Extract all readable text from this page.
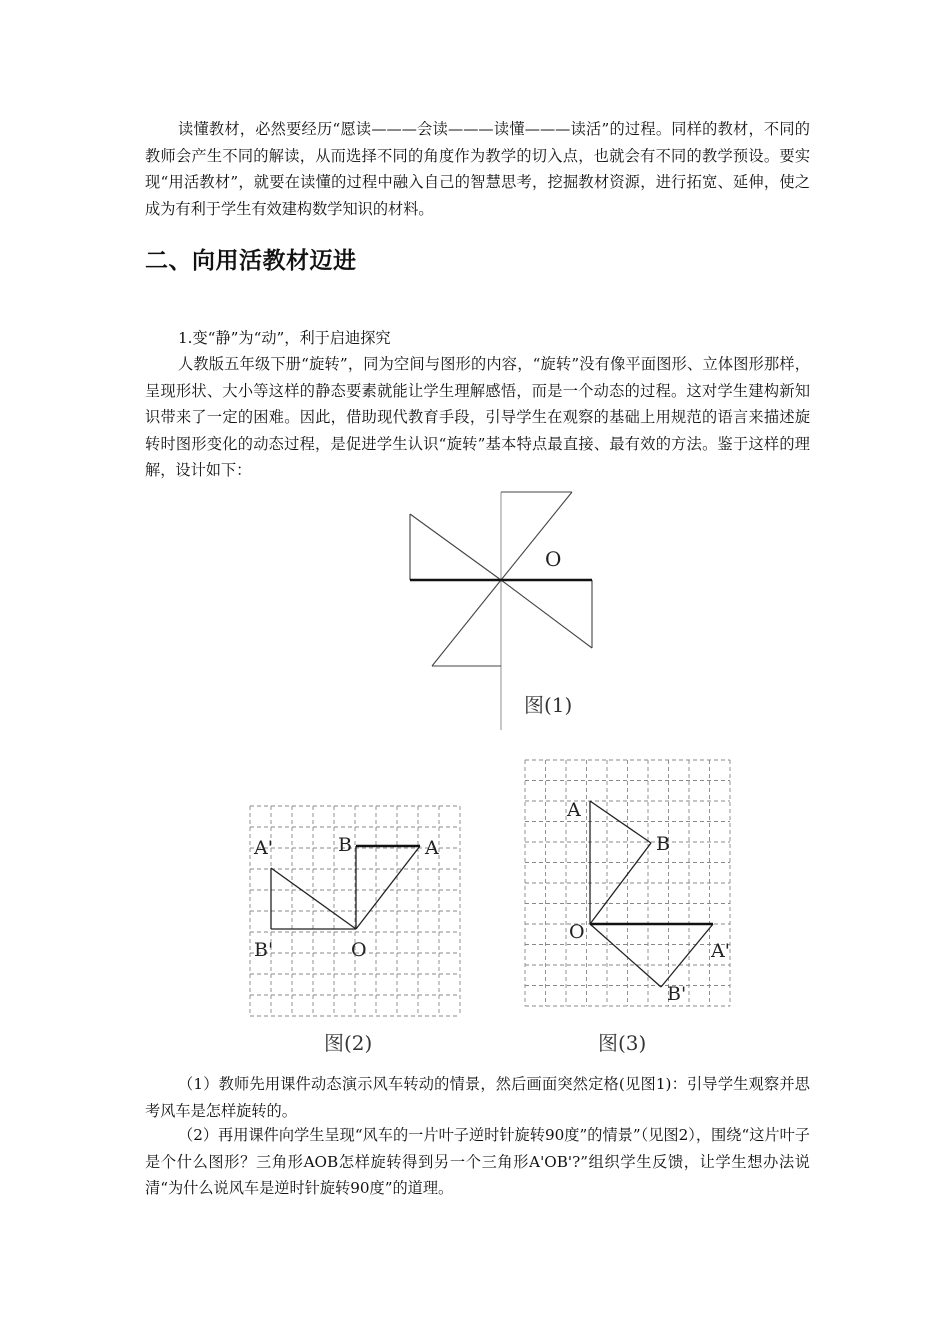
读懂教材，必然要经历“愿读———会读———读懂———读活”的过程。同样的教材，不同的教师会产生不同的解读，从而选择不同的角度作为教学的切入点，也就会有不同的教学预设。要实现“用活教材”，就要在读懂的过程中融入自己的智慧思考，挖掘教材资源，进行拓宽、延伸，使之成为有利于学生有效建构数学知识的材料。

二、向用活教材迈进

1.变“静”为“动”，利于启迪探究

人教版五年级下册“旋转”，同为空间与图形的内容，“旋转”没有像平面图形、立体图形那样，呈现形状、大小等这样的静态要素就能让学生理解感悟，而是一个动态的过程。这对学生建构新知识带来了一定的困难。因此，借助现代教育手段，引导学生在观察的基础上用规范的语言来描述旋转时图形变化的动态过程，是促进学生认识“旋转”基本特点最直接、最有效的方法。鉴于这样的理解，设计如下：

O
图(1)
A'	B	A
B'	O
图(2)
A
B
O
A'
B'
图(3)

（1）教师先用课件动态演示风车转动的情景，然后画面突然定格(见图1)：引导学生观察并思考风车是怎样旋转的。

（2）再用课件向学生呈现“风车的一片叶子逆时针旋转90度”的情景”（见图2），围绕“这片叶子是个什么图形？三角形AOB怎样旋转得到另一个三角形A'OB'?”组织学生反馈，让学生想办法说清“为什么说风车是逆时针旋转90度”的道理。
